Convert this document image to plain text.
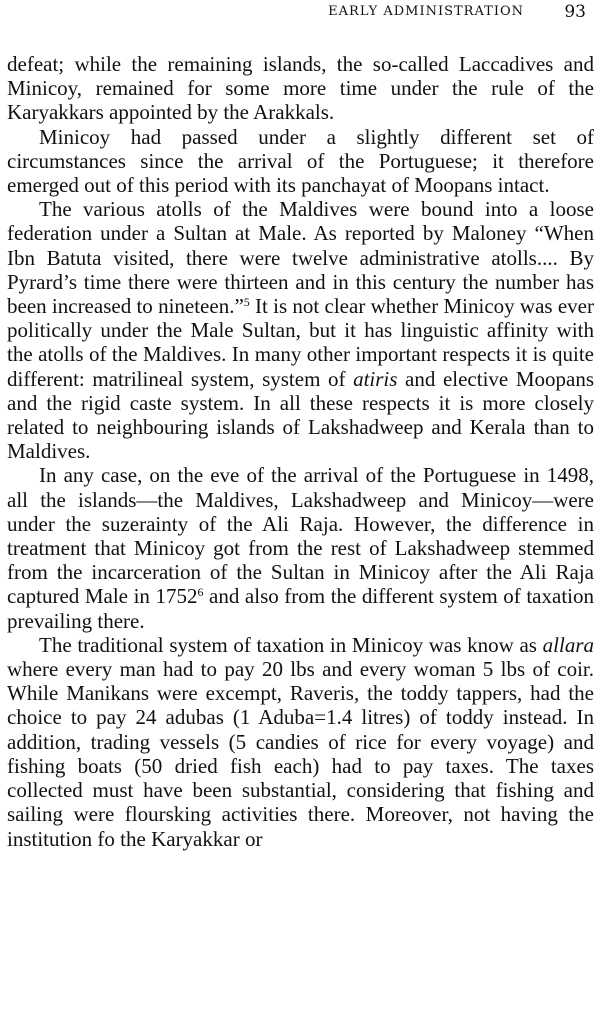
EARLY ADMINISTRATION 93

defeat; while the remaining islands, the so-called Laccadives and Minicoy, remained for some more time under the rule of the Karyakkars appointed by the Arakkals.

Minicoy had passed under a slightly different set of circumstances since the arrival of the Portuguese; it therefore emerged out of this period with its panchayat of Moopans intact.

The various atolls of the Maldives were bound into a loose federation under a Sultan at Male. As reported by Maloney “When Ibn Batuta visited, there were twelve administrative atolls.... By Pyrard’s time there were thirteen and in this century the number has been increased to nineteen.”$^5$ It is not clear whether Minicoy was ever politically under the Male Sultan, but it has linguistic affinity with the atolls of the Maldives. In many other important respects it is quite different: matrilineal system, system of atiris and elective Moopans and the rigid caste system. In all these respects it is more closely related to neighbouring islands of Lakshadweep and Kerala than to Maldives.

In any case, on the eve of the arrival of the Portuguese in 1498, all the islands—the Maldives, Lakshadweep and Minicoy—were under the suzerainty of the Ali Raja. However, the difference in treatment that Minicoy got from the rest of Lakshadweep stemmed from the incarceration of the Sultan in Minicoy after the Ali Raja captured Male in 1752$^6$ and also from the different system of taxation prevailing there.

The traditional system of taxation in Minicoy was know as allara where every man had to pay 20 lbs and every woman 5 lbs of coir. While Manikans were excempt, Raveris, the toddy tappers, had the choice to pay 24 adubas (1 Aduba=1.4 litres) of toddy instead. In addition, trading vessels (5 candies of rice for every voyage) and fishing boats (50 dried fish each) had to pay taxes. The taxes collected must have been substantial, considering that fishing and sailing were floursking activities there. Moreover, not having the institution fo the Karyakkar or
